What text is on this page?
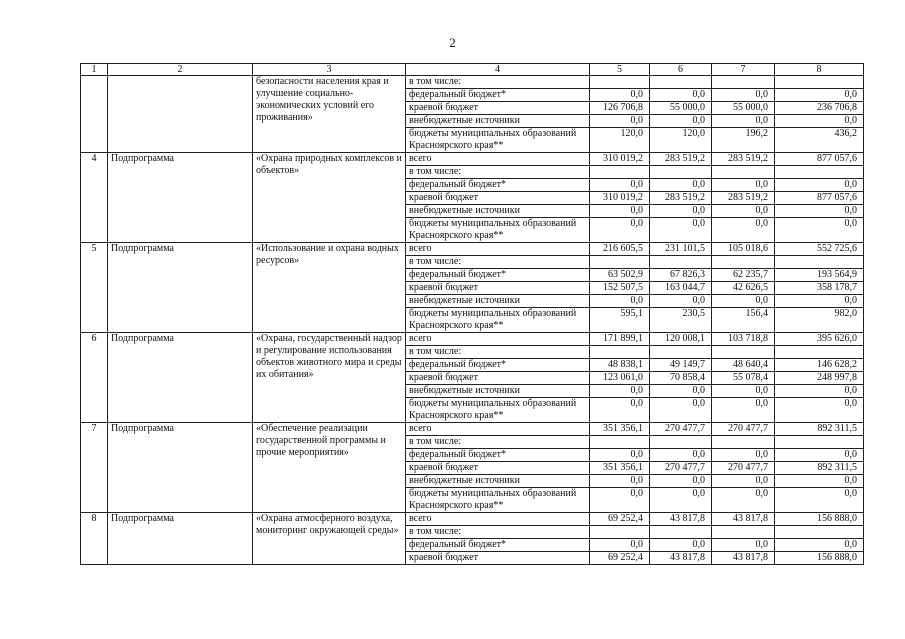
2
1	2	3	4	5	6	7	8
		безопасности населения края и улучшение социально-экономических условий его проживания»	в том числе:				
			федеральный бюджет*	0,0	0,0	0,0	0,0
			краевой бюджет	126 706,8	55 000,0	55 000,0	236 706,8
			внебюджетные источники	0,0	0,0	0,0	0,0
			бюджеты муниципальных образований Красноярского края**	120,0	120,0	196,2	436,2
4	Подпрограмма	«Охрана природных комплексов и объектов»	всего	310 019,2	283 519,2	283 519,2	877 057,6
			в том числе:				
			федеральный бюджет*	0,0	0,0	0,0	0,0
			краевой бюджет	310 019,2	283 519,2	283 519,2	877 057,6
			внебюджетные источники	0,0	0,0	0,0	0,0
			бюджеты муниципальных образований Красноярского края**	0,0	0,0	0,0	0,0
5	Подпрограмма	«Использование и охрана водных ресурсов»	всего	216 605,5	231 101,5	105 018,6	552 725,6
			в том числе:				
			федеральный бюджет*	63 502,9	67 826,3	62 235,7	193 564,9
			краевой бюджет	152 507,5	163 044,7	42 626,5	358 178,7
			внебюджетные источники	0,0	0,0	0,0	0,0
			бюджеты муниципальных образований Красноярского края**	595,1	230,5	156,4	982,0
6	Подпрограмма	«Охрана, государственный надзор и регулирование использования объектов животного мира и среды их обитания»	всего	171 899,1	120 008,1	103 718,8	395 626,0
			в том числе:				
			федеральный бюджет*	48 838,1	49 149,7	48 640,4	146 628,2
			краевой бюджет	123 061,0	70 858,4	55 078,4	248 997,8
			внебюджетные источники	0,0	0,0	0,0	0,0
			бюджеты муниципальных образований Красноярского края**	0,0	0,0	0,0	0,0
7	Подпрограмма	«Обеспечение реализации государственной программы и прочие мероприятия»	всего	351 356,1	270 477,7	270 477,7	892 311,5
			в том числе:				
			федеральный бюджет*	0,0	0,0	0,0	0,0
			краевой бюджет	351 356,1	270 477,7	270 477,7	892 311,5
			внебюджетные источники	0,0	0,0	0,0	0,0
			бюджеты муниципальных образований Красноярского края**	0,0	0,0	0,0	0,0
8	Подпрограмма	«Охрана атмосферного воздуха, мониторинг окружающей среды»	всего	69 252,4	43 817,8	43 817,8	156 888,0
			в том числе:				
			федеральный бюджет*	0,0	0,0	0,0	0,0
			краевой бюджет	69 252,4	43 817,8	43 817,8	156 888,0
